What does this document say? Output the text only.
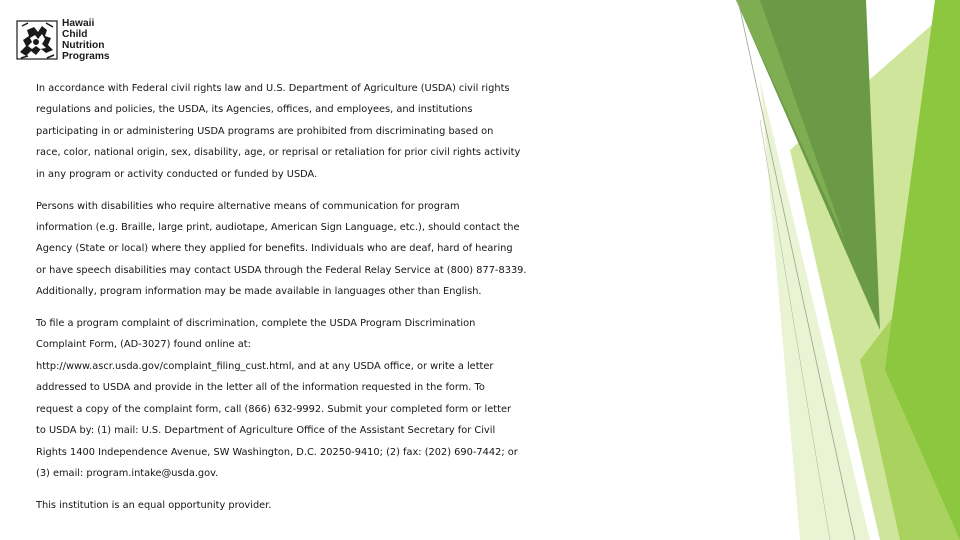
Hawaii
Child
Nutrition
Programs
In accordance with Federal civil rights law and U.S. Department of Agriculture (USDA) civil rights
regulations and policies, the USDA, its Agencies, offices, and employees, and institutions
participating in or administering USDA programs are prohibited from discriminating based on
race, color, national origin, sex, disability, age, or reprisal or retaliation for prior civil rights activity
in any program or activity conducted or funded by USDA.
Persons with disabilities who require alternative means of communication for program
information (e.g. Braille, large print, audiotape, American Sign Language, etc.), should contact the
Agency (State or local) where they applied for benefits. Individuals who are deaf, hard of hearing
or have speech disabilities may contact USDA through the Federal Relay Service at (800) 877-8339.
Additionally, program information may be made available in languages other than English.
To file a program complaint of discrimination, complete the USDA Program Discrimination
Complaint Form, (AD-3027) found online at:
http://www.ascr.usda.gov/complaint_filing_cust.html, and at any USDA office, or write a letter
addressed to USDA and provide in the letter all of the information requested in the form. To
request a copy of the complaint form, call (866) 632-9992. Submit your completed form or letter
to USDA by: (1) mail: U.S. Department of Agriculture Office of the Assistant Secretary for Civil
Rights 1400 Independence Avenue, SW Washington, D.C. 20250-9410; (2) fax: (202) 690-7442; or
(3) email: program.intake@usda.gov.
This institution is an equal opportunity provider.
